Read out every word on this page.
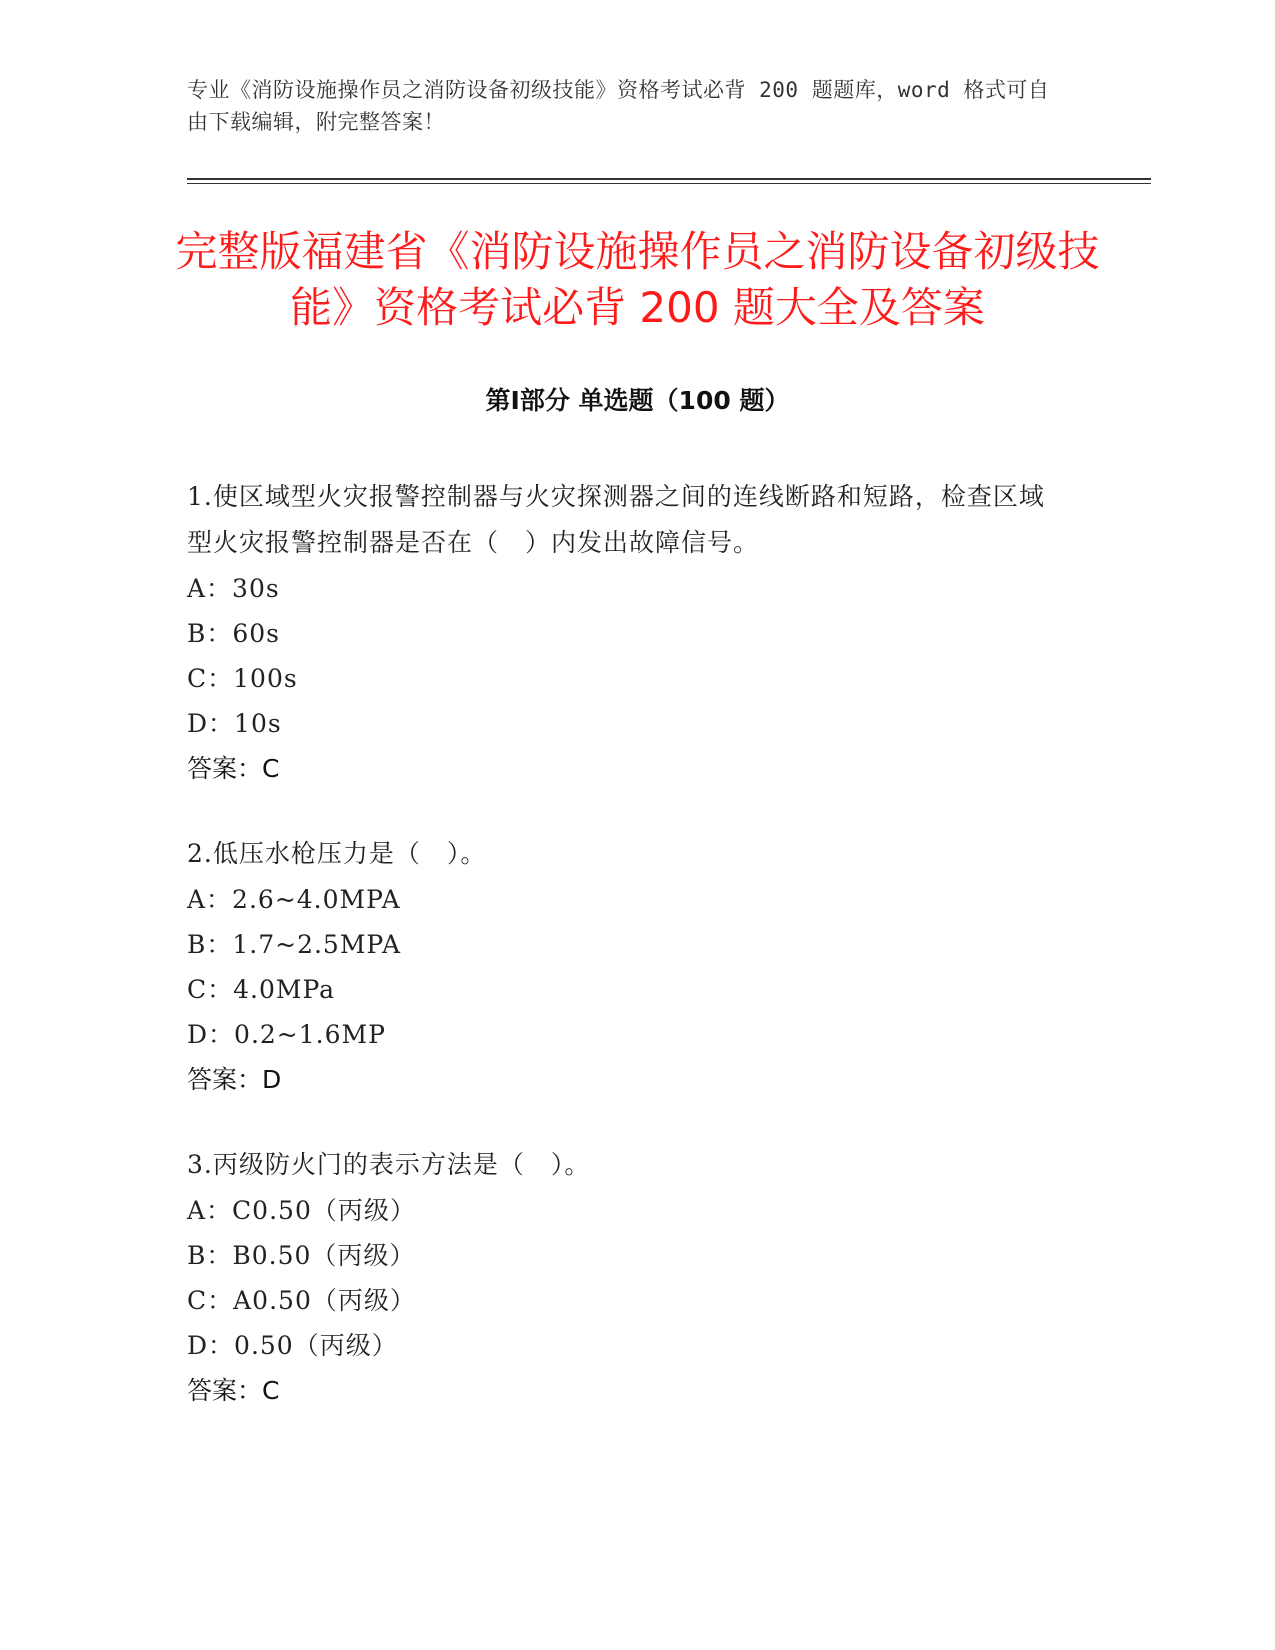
专业《消防设施操作员之消防设备初级技能》资格考试必背 200 题题库，word 格式可自由下载编辑，附完整答案！
完整版福建省《消防设施操作员之消防设备初级技能》资格考试必背 200 题大全及答案
第Ⅰ部分 单选题（100 题）
1.使区域型火灾报警控制器与火灾探测器之间的连线断路和短路，检查区域型火灾报警控制器是否在（　）内发出故障信号。
A：30s
B：60s
C：100s
D：10s
答案：C
2.低压水枪压力是（　）。
A：2.6~4.0MPA
B：1.7~2.5MPA
C：4.0MPa
D：0.2~1.6MP
答案：D
3.丙级防火门的表示方法是（　）。
A：C0.50（丙级）
B：B0.50（丙级）
C：A0.50（丙级）
D：0.50（丙级）
答案：C
